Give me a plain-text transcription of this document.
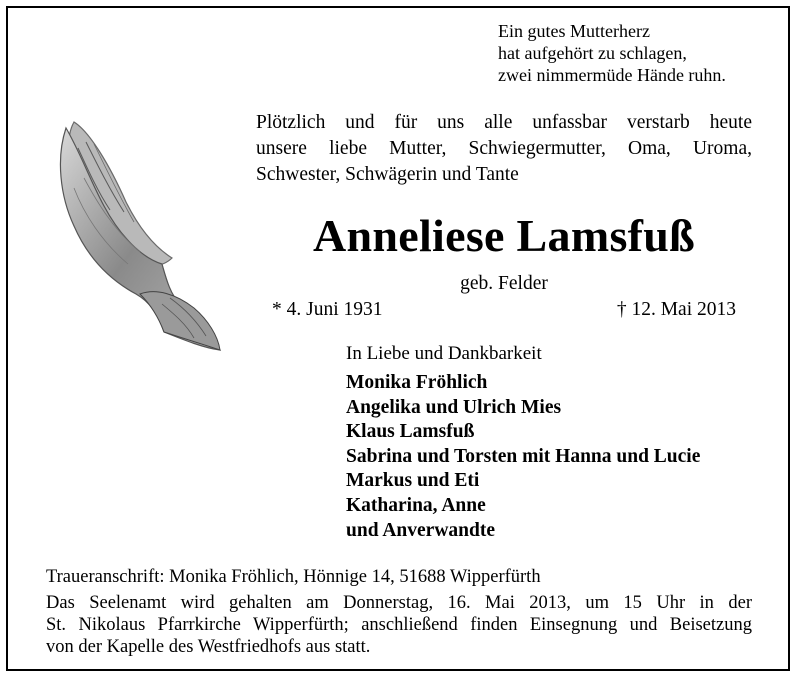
Ein gutes Mutterherz
hat aufgehört zu schlagen,
zwei nimmermüde Hände ruhn.
Plötzlich und für uns alle unfassbar verstarb heute
unsere liebe Mutter, Schwiegermutter, Oma, Uroma,
Schwester, Schwägerin und Tante
Anneliese Lamsfuß
geb. Felder
* 4. Juni 1931	† 12. Mai 2013
In Liebe und Dankbarkeit
Monika Fröhlich
Angelika und Ulrich Mies
Klaus Lamsfuß
Sabrina und Torsten mit Hanna und Lucie
Markus und Eti
Katharina, Anne
und Anverwandte
Traueranschrift: Monika Fröhlich, Hönnige 14, 51688 Wipperfürth
Das Seelenamt wird gehalten am Donnerstag, 16. Mai 2013, um 15 Uhr in der
St. Nikolaus Pfarrkirche Wipperfürth; anschließend finden Einsegnung und Beisetzung
von der Kapelle des Westfriedhofs aus statt.
